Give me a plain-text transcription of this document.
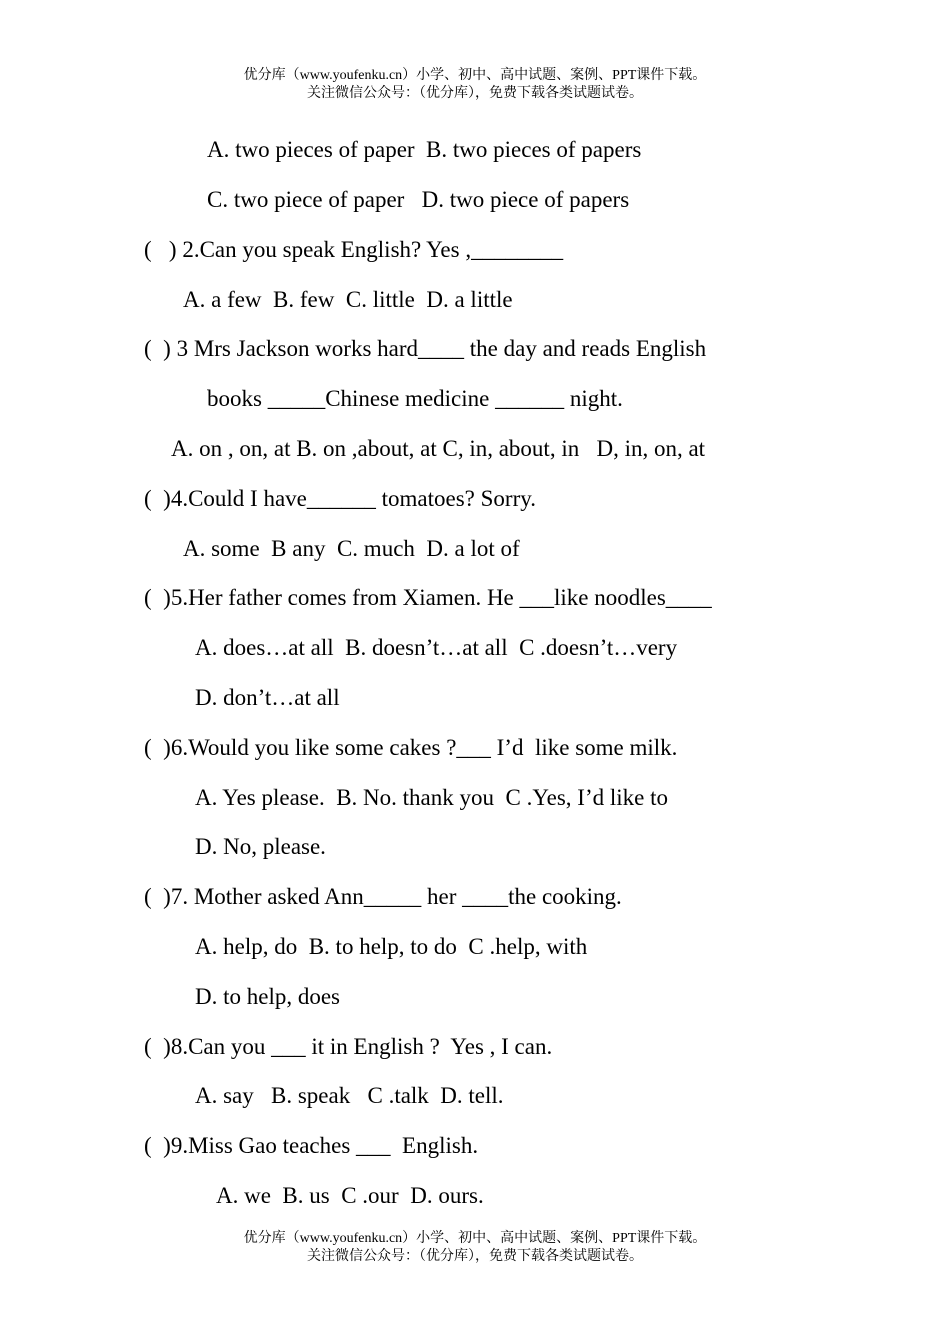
优分库（www.youfenku.cn）小学、初中、高中试题、案例、PPT课件下载。
关注微信公众号：（优分库），免费下载各类试题试卷。
A. two pieces of paper  B. two pieces of papers
C. two piece of paper   D. two piece of papers
(   ) 2.Can you speak English? Yes ,________
A. a few  B. few  C. little  D. a little
(  ) 3 Mrs Jackson works hard____ the day and reads English
books _____Chinese medicine ______ night.
A. on , on, at B. on ,about, at C, in, about, in   D, in, on, at
(  )4.Could I have______ tomatoes? Sorry.
A. some  B any  C. much  D. a lot of
(  )5.Her father comes from Xiamen. He ___like noodles____
A. does…at all  B. doesn’t…at all  C .doesn’t…very
D. don’t…at all
(  )6.Would you like some cakes ?___ I’d  like some milk.
A. Yes please.  B. No. thank you  C .Yes, I’d like to
D. No, please.
(  )7. Mother asked Ann_____ her ____the cooking.
A. help, do  B. to help, to do  C .help, with
D. to help, does
(  )8.Can you ___ it in English ?  Yes , I can.
A. say   B. speak   C .talk  D. tell.
(  )9.Miss Gao teaches ___  English.
A. we  B. us  C .our  D. ours.
优分库（www.youfenku.cn）小学、初中、高中试题、案例、PPT课件下载。
关注微信公众号：（优分库），免费下载各类试题试卷。
